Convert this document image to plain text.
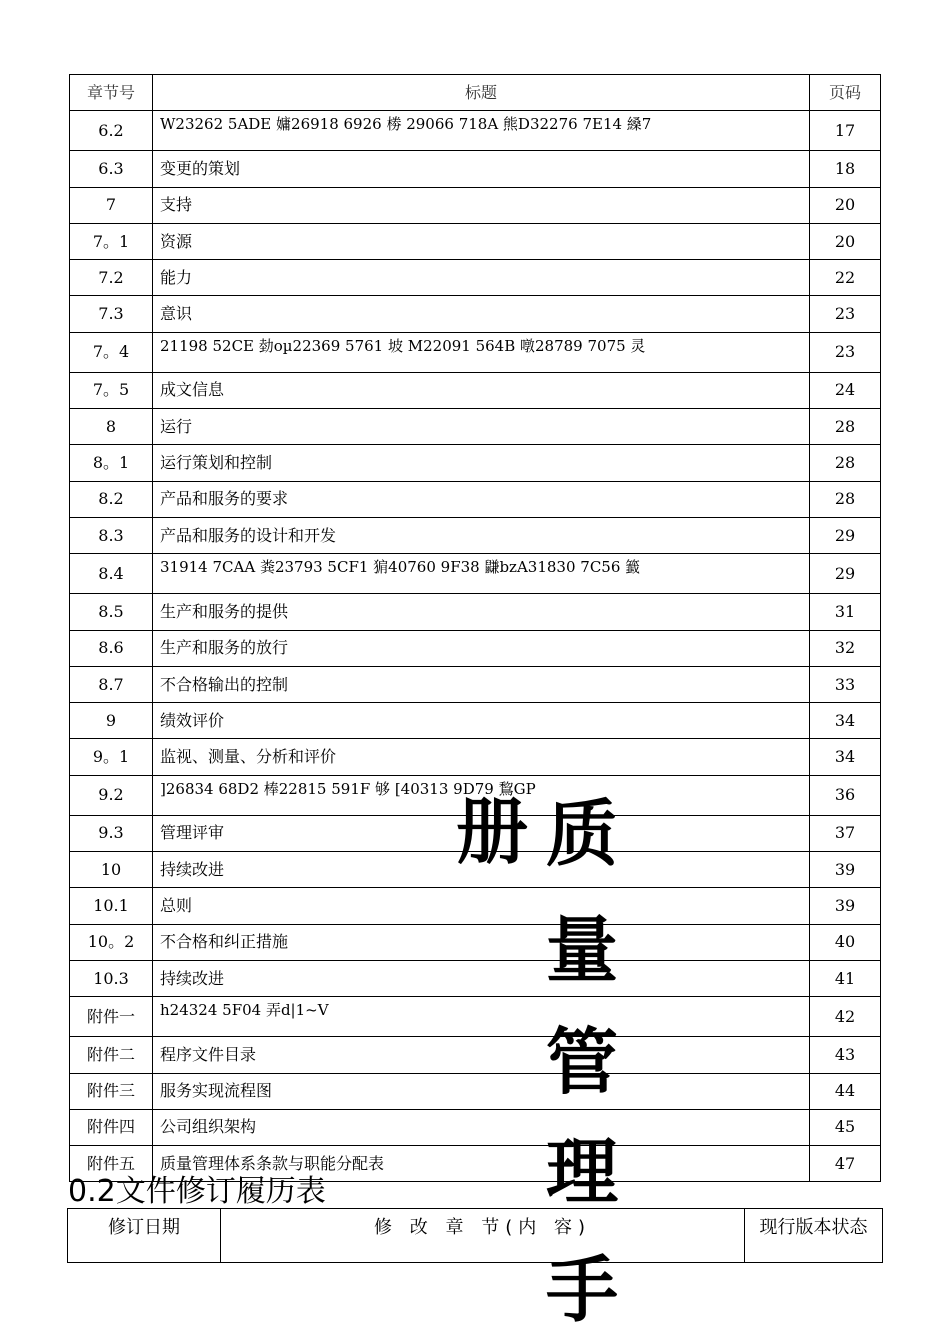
章节号	标题	页码
6.2	W23262 5ADE 嫞26918 6926 椦 29066 718A 熊D32276 7E14 縔7	17
6.3	变更的策划	18
7	支持	20
7。1	资源	20
7.2	能力	22
7.3	意识	23
7。4	21198 52CE 勎oµ22369 5761 坡 M22091 564B 噋28789 7075 灵	23
7。5	成文信息	24
8	运行	28
8。1	运行策划和控制	28
8.2	产品和服务的要求	28
8.3	产品和服务的设计和开发	29
8.4	31914 7CAA 粪23793 5CF1 猏40760 9F38 鼸bzA31830 7C56 籖	29
8.5	生产和服务的提供	31
8.6	生产和服务的放行	32
8.7	不合格输出的控制	33
9	绩效评价	34
9。1	监视、测量、分析和评价	34
9.2	]26834 68D2 棒22815 591F 够 [40313 9D79 鵹GP	36
9.3	管理评审	37
10	持续改进	39
10.1	总则	39
10。2	不合格和纠正措施	40
10.3	持续改进	41
附件一	h24324 5F04 弄d|1~V	42
附件二	程序文件目录	43
附件三	服务实现流程图	44
附件四	公司组织架构	45
附件五	质量管理体系条款与职能分配表	47
0.2文件修订履历表
修订日期	修 改 章 节(内 容)	现行版本状态
册 质
量
管
理
手
